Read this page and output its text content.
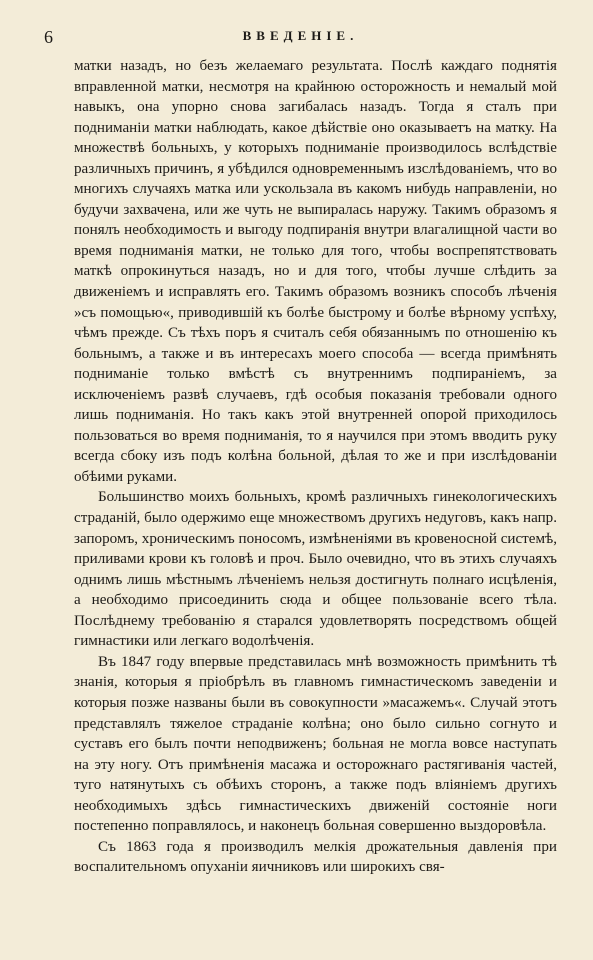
6	ВВЕДЕНІЕ.

матки назадъ, но безъ желаемаго результата. Послѣ каждаго поднятія вправленной матки, несмотря на крайнюю осторожность и немалый мой навыкъ, она упорно снова загибалась назадъ. Тогда я сталъ при подниманіи матки наблюдать, какое дѣйствіе оно оказываетъ на матку. На множествѣ больныхъ, у которыхъ подниманіе производилось вслѣдствіе различныхъ причинъ, я убѣдился одновременнымъ изслѣдованіемъ, что во многихъ случаяхъ матка или ускользала въ какомъ нибудь направленіи, но будучи захвачена, или же чуть не выпиралась наружу. Такимъ образомъ я понялъ необходимость и выгоду подпиранія внутри влагалищной части во время подниманія матки, не только для того, чтобы воспрепятствовать маткѣ опрокинуться назадъ, но и для того, чтобы лучше слѣдить за движеніемъ и исправлять его. Такимъ образомъ возникъ способъ лѣченія »съ помощью«, приводившій къ болѣе быстрому и болѣе вѣрному успѣху, чѣмъ прежде. Съ тѣхъ поръ я считалъ себя обязаннымъ по отношенію къ больнымъ, а также и въ интересахъ моего способа — всегда примѣнять подниманіе только вмѣстѣ съ внутреннимъ подпираніемъ, за исключеніемъ развѣ случаевъ, гдѣ особыя показанія требовали одного лишь подниманія. Но такъ какъ этой внутренней опорой приходилось пользоваться во время подниманія, то я научился при этомъ вводить руку всегда сбоку изъ подъ колѣна больной, дѣлая то же и при изслѣдованіи обѣими руками.

Большинство моихъ больныхъ, кромѣ различныхъ гинекологическихъ страданій, было одержимо еще множествомъ другихъ недуговъ, какъ напр. запоромъ, хроническимъ поносомъ, измѣненіями въ кровеносной системѣ, приливами крови къ головѣ и проч. Было очевидно, что въ этихъ случаяхъ однимъ лишь мѣстнымъ лѣченіемъ нельзя достигнуть полнаго исцѣленія, а необходимо присоединить сюда и общее пользованіе всего тѣла. Послѣднему требованію я старался удовлетворять посредствомъ общей гимнастики или легкаго водолѣченія.

Въ 1847 году впервые представилась мнѣ возможность примѣнить тѣ знанія, которыя я пріобрѣлъ въ главномъ гимнастическомъ заведеніи и которыя позже названы были въ совокупности »масажемъ«. Случай этотъ представлялъ тяжелое страданіе колѣна; оно было сильно согнуто и суставъ его былъ почти неподвиженъ; больная не могла вовсе наступать на эту ногу. Отъ примѣненія масажа и осторожнаго растягиванія частей, туго натянутыхъ съ обѣихъ сторонъ, а также подъ вліяніемъ другихъ необходимыхъ здѣсь гимнастическихъ движеній состояніе ноги постепенно поправлялось, и наконецъ больная совершенно выздоровѣла.

Съ 1863 года я производилъ мелкія дрожательныя давленія при воспалительномъ опуханіи яичниковъ или широкихъ свя-
